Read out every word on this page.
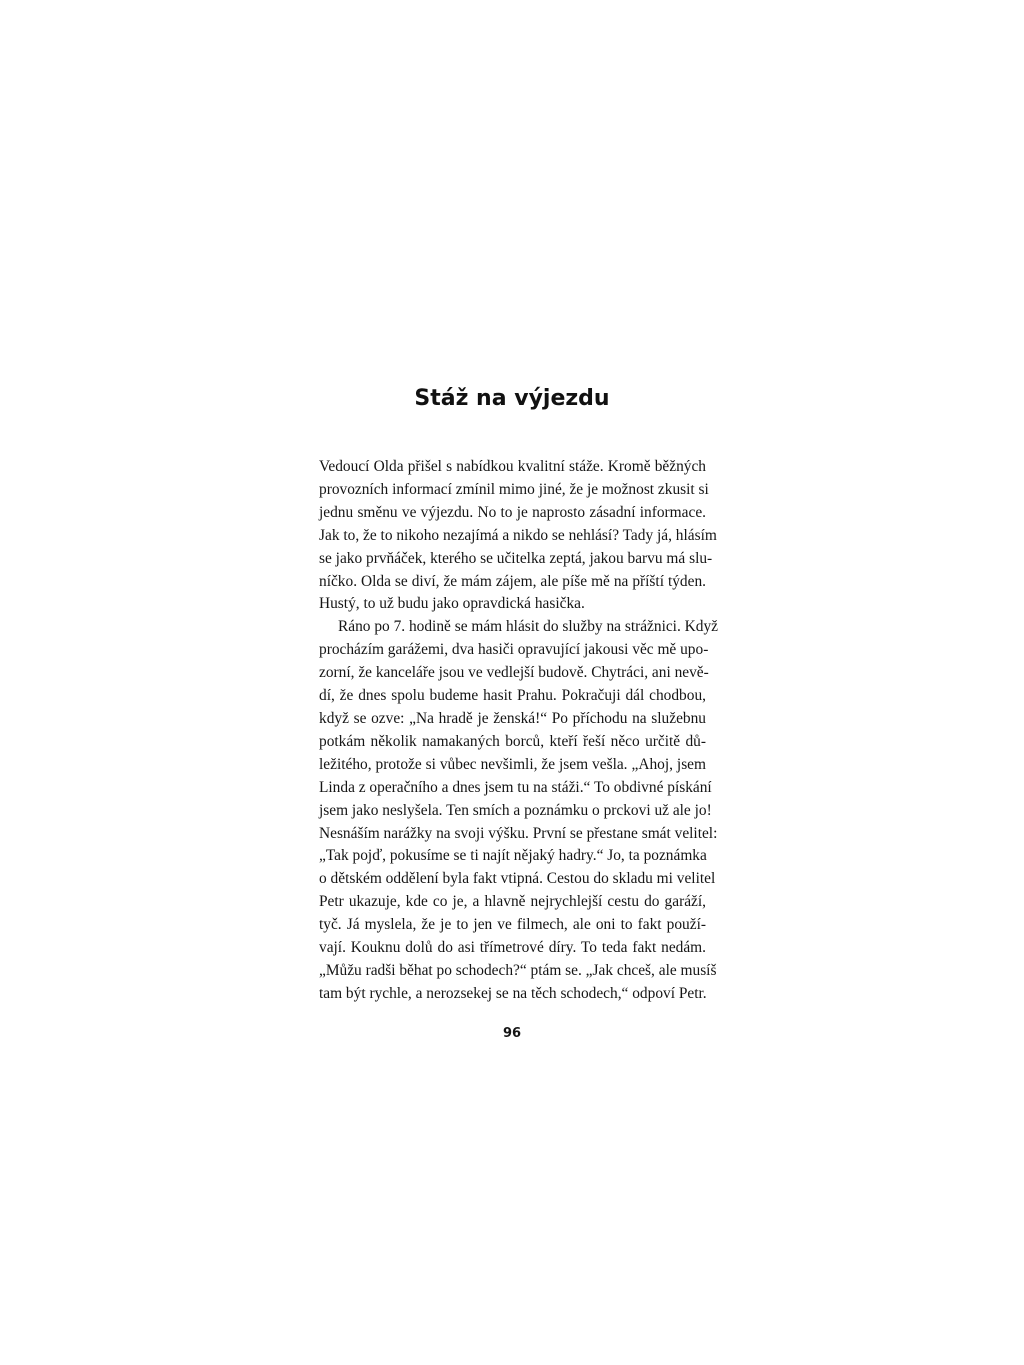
Stáž na výjezdu

Vedoucí Olda přišel s nabídkou kvalitní stáže. Kromě běžných
provozních informací zmínil mimo jiné, že je možnost zkusit si
jednu směnu ve výjezdu. No to je naprosto zásadní informace.
Jak to, že to nikoho nezajímá a nikdo se nehlásí? Tady já, hlásím
se jako prvňáček, kterého se učitelka zeptá, jakou barvu má slu-
níčko. Olda se diví, že mám zájem, ale píše mě na příští týden.
Hustý, to už budu jako opravdická hasička.

Ráno po 7. hodině se mám hlásit do služby na strážnici. Když
procházím garážemi, dva hasiči opravující jakousi věc mě upo-
zorní, že kanceláře jsou ve vedlejší budově. Chytráci, ani nevě-
dí, že dnes spolu budeme hasit Prahu. Pokračuji dál chodbou,
když se ozve: „Na hradě je ženská!“ Po příchodu na služebnu
potkám několik namakaných borců, kteří řeší něco určitě dů-
ležitého, protože si vůbec nevšimli, že jsem vešla. „Ahoj, jsem
Linda z operačního a dnes jsem tu na stáži.“ To obdivné pískání
jsem jako neslyšela. Ten smích a poznámku o prckovi už ale jo!
Nesnáším narážky na svoji výšku. První se přestane smát velitel:
„Tak pojď, pokusíme se ti najít nějaký hadry.“ Jo, ta poznámka
o dětském oddělení byla fakt vtipná. Cestou do skladu mi velitel
Petr ukazuje, kde co je, a hlavně nejrychlejší cestu do garáží,
tyč. Já myslela, že je to jen ve filmech, ale oni to fakt použí-
vají. Kouknu dolů do asi třímetrové díry. To teda fakt nedám.
„Můžu radši běhat po schodech?“ ptám se. „Jak chceš, ale musíš
tam být rychle, a nerozsekej se na těch schodech,“ odpoví Petr.

96
